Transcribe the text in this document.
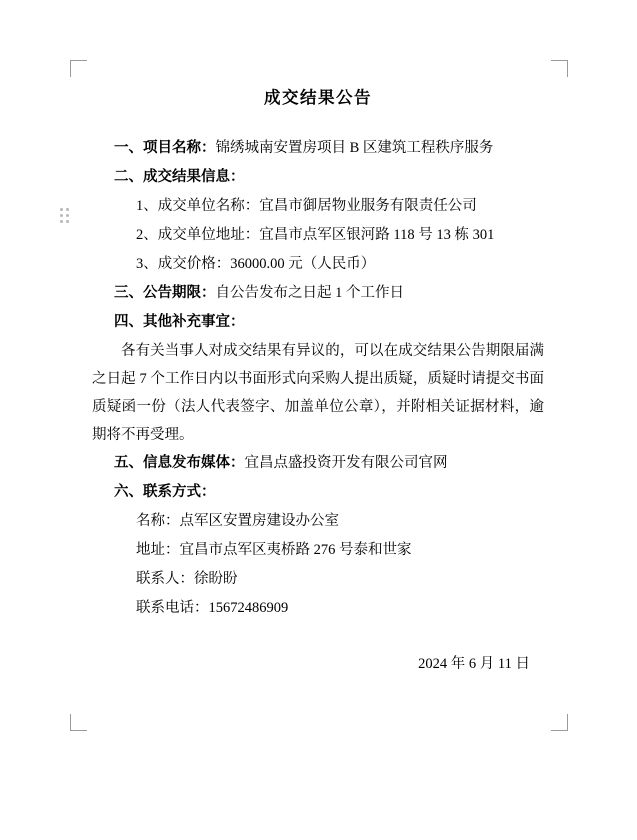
成交结果公告
一、项目名称：锦绣城南安置房项目 B 区建筑工程秩序服务
二、成交结果信息：
1、成交单位名称：宜昌市御居物业服务有限责任公司
2、成交单位地址：宜昌市点军区银河路 118 号 13 栋 301
3、成交价格：36000.00 元（人民币）
三、公告期限：自公告发布之日起 1 个工作日
四、其他补充事宜：

各有关当事人对成交结果有异议的，可以在成交结果公告期限届满之日起 7 个工作日内以书面形式向采购人提出质疑，质疑时请提交书面质疑函一份（法人代表签字、加盖单位公章），并附相关证据材料，逾期将不再受理。

五、信息发布媒体：宜昌点盛投资开发有限公司官网
六、联系方式：
名称：点军区安置房建设办公室
地址：宜昌市点军区夷桥路 276 号泰和世家
联系人：徐盼盼
联系电话：15672486909
2024 年 6 月 11 日
